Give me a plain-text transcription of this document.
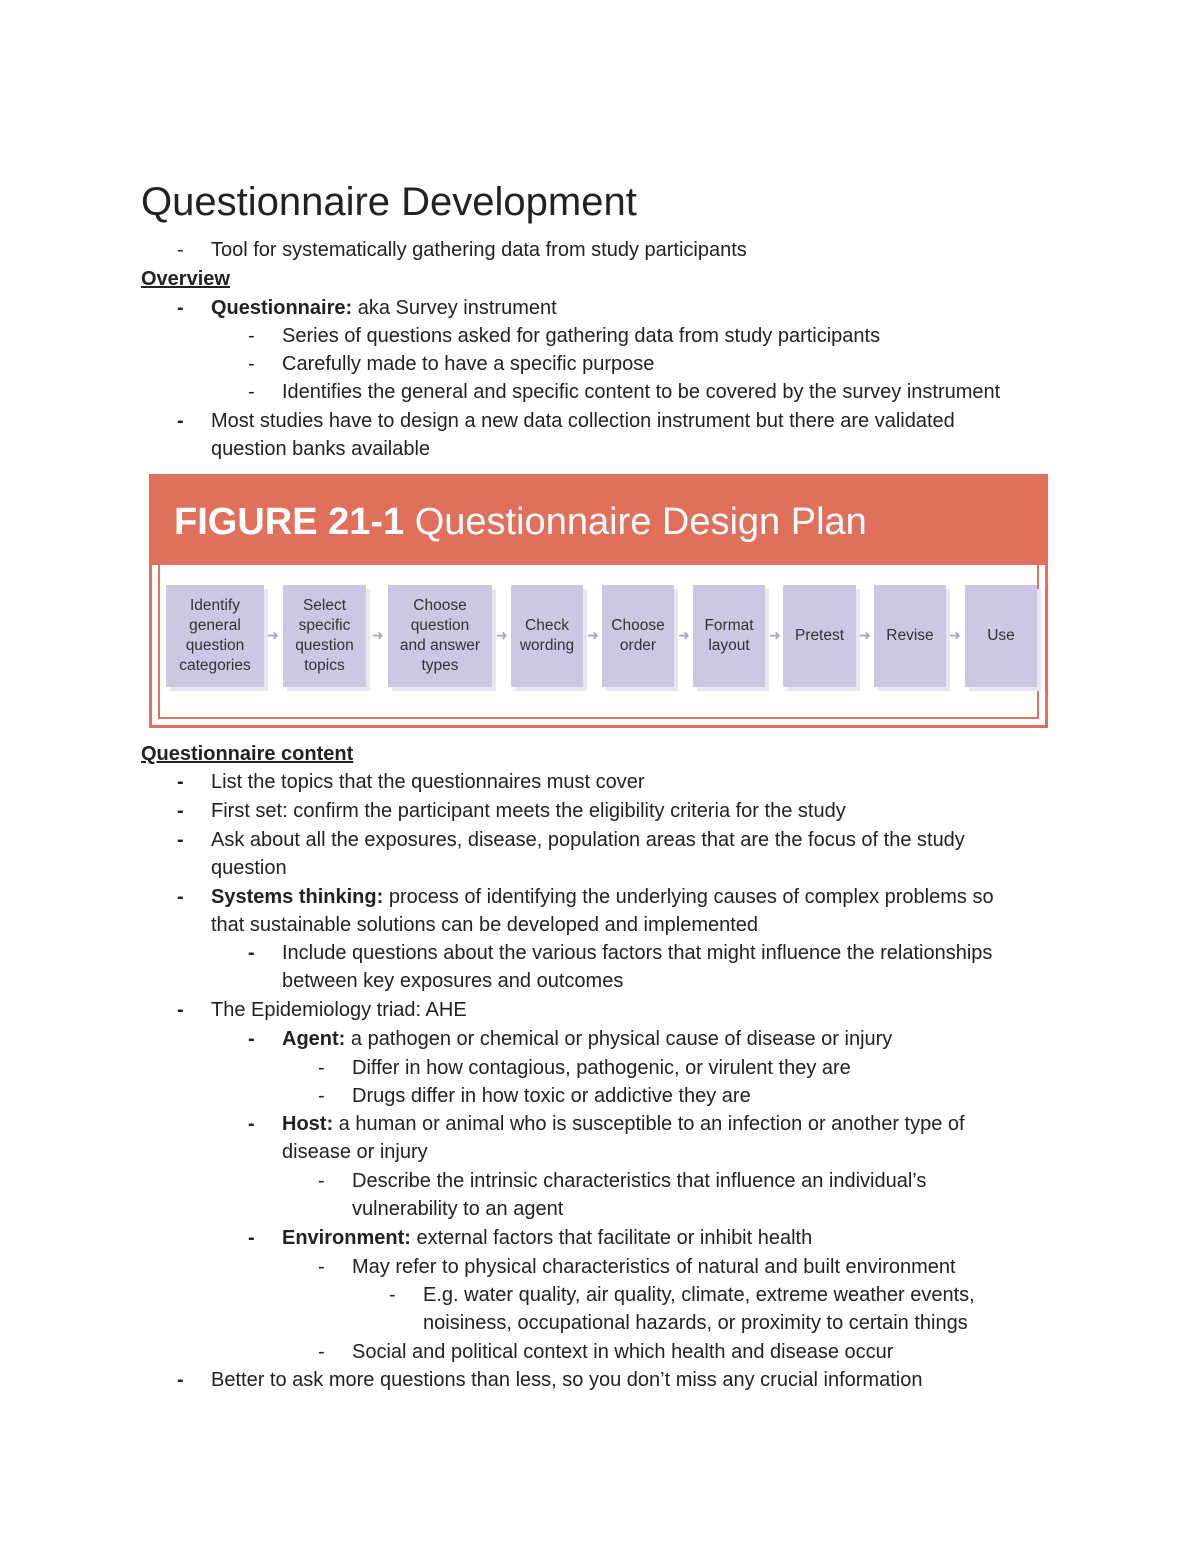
Questionnaire Development
- Tool for systematically gathering data from study participants
Overview
- Questionnaire: aka Survey instrument
- Series of questions asked for gathering data from study participants
- Carefully made to have a specific purpose
- Identifies the general and specific content to be covered by the survey instrument
- Most studies have to design a new data collection instrument but there are validated
question banks available
FIGURE 21-1 Questionnaire Design Plan
Identify
general
question
categories
➜
Select
specific
question
topics
➜
Choose
question
and answer
types
➜
Check
wording
➜
Choose
order
➜
Format
layout
➜ Pretest	➜ Revise	➜	Use
Questionnaire content
- List the topics that the questionnaires must cover
- First set: confirm the participant meets the eligibility criteria for the study
- Ask about all the exposures, disease, population areas that are the focus of the study
question
- Systems thinking: process of identifying the underlying causes of complex problems so
that sustainable solutions can be developed and implemented
- Include questions about the various factors that might influence the relationships
between key exposures and outcomes
- The Epidemiology triad: AHE
- Agent: a pathogen or chemical or physical cause of disease or injury
- Differ in how contagious, pathogenic, or virulent they are
- Drugs differ in how toxic or addictive they are
- Host: a human or animal who is susceptible to an infection or another type of
disease or injury
- Describe the intrinsic characteristics that influence an individual’s
vulnerability to an agent
- Environment: external factors that facilitate or inhibit health
- May refer to physical characteristics of natural and built environment
- E.g. water quality, air quality, climate, extreme weather events,
noisiness, occupational hazards, or proximity to certain things
- Social and political context in which health and disease occur
- Better to ask more questions than less, so you don’t miss any crucial information
